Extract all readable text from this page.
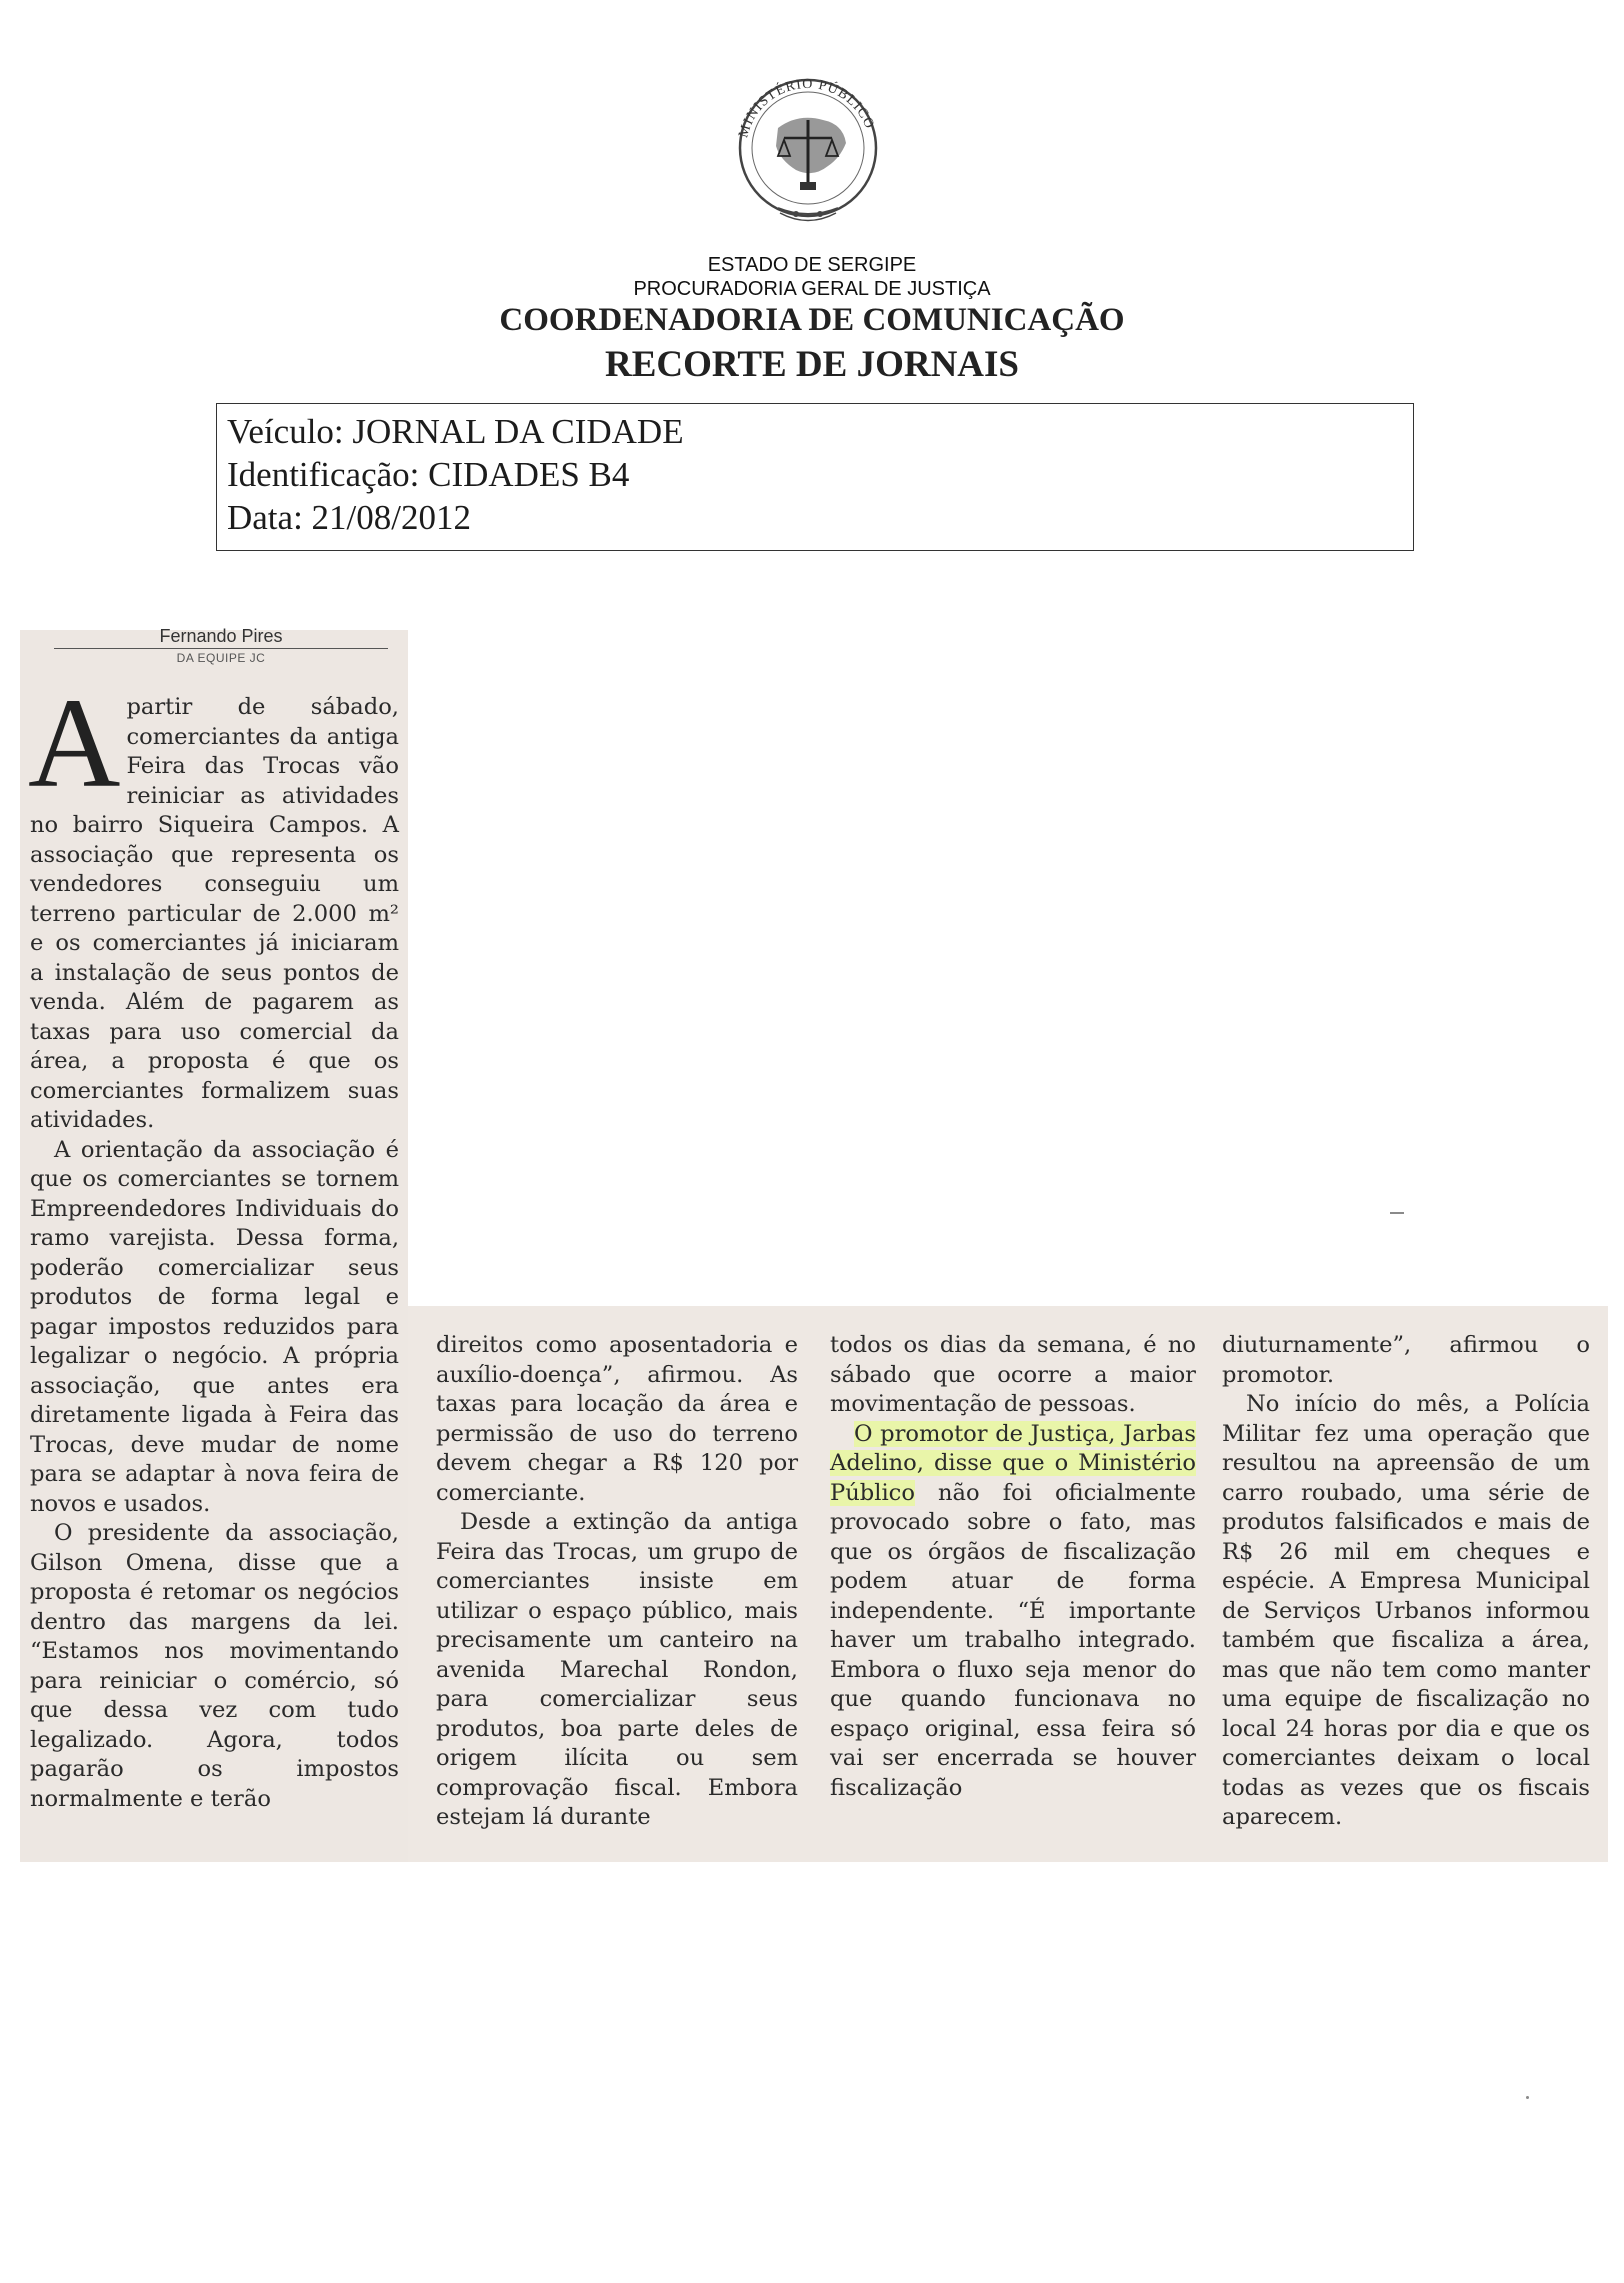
MINISTÉRIO PÚBLICO
ESTADO DE SERGIPE
PROCURADORIA GERAL DE JUSTIÇA
COORDENADORIA DE COMUNICAÇÃO
RECORTE DE JORNAIS
Veículo: JORNAL DA CIDADE
Identificação: CIDADES B4
Data: 21/08/2012
Fernando Pires
DA EQUIPE JC

Apartir de sábado, comerciantes da antiga Feira das Trocas vão reiniciar as atividades no bairro Siqueira Campos. A associação que representa os vendedores conseguiu um terreno particular de 2.000 m² e os comerciantes já iniciaram a instalação de seus pontos de venda. Além de pagarem as taxas para uso comercial da área, a proposta é que os comerciantes formalizem suas atividades.

A orientação da associação é que os comerciantes se tornem Empreendedores Individuais do ramo varejista. Dessa forma, poderão comercializar seus produtos de forma legal e pagar impostos reduzidos para legalizar o negócio. A própria associação, que antes era diretamente ligada à Feira das Trocas, deve mudar de nome para se adaptar à nova feira de novos e usados.

O presidente da associação, Gilson Omena, disse que a proposta é retomar os negócios dentro das margens da lei. “Estamos nos movimentando para reiniciar o comércio, só que dessa vez com tudo legalizado. Agora, todos pagarão os impostos normalmente e terão

direitos como aposentadoria e auxílio-doença”, afirmou. As taxas para locação da área e permissão de uso do terreno devem chegar a R$ 120 por comerciante.

Desde a extinção da antiga Feira das Trocas, um grupo de comerciantes insiste em utilizar o espaço público, mais precisamente um canteiro na avenida Marechal Rondon, para comercializar seus produtos, boa parte deles de origem ilícita ou sem comprovação fiscal. Embora estejam lá durante

todos os dias da semana, é no sábado que ocorre a maior movimentação de pessoas.

O promotor de Justiça, Jarbas Adelino, disse que o Ministério Público não foi oficialmente provocado sobre o fato, mas que os órgãos de fiscalização podem atuar de forma independente. “É importante haver um trabalho integrado. Embora o fluxo seja menor do que quando funcionava no espaço original, essa feira só vai ser encerrada se houver fiscalização

diuturnamente”, afirmou o promotor.

No início do mês, a Polícia Militar fez uma operação que resultou na apreensão de um carro roubado, uma série de produtos falsificados e mais de R$ 26 mil em cheques e espécie. A Empresa Municipal de Serviços Urbanos informou também que fiscaliza a área, mas que não tem como manter uma equipe de fiscalização no local 24 horas por dia e que os comerciantes deixam o local todas as vezes que os fiscais aparecem.
